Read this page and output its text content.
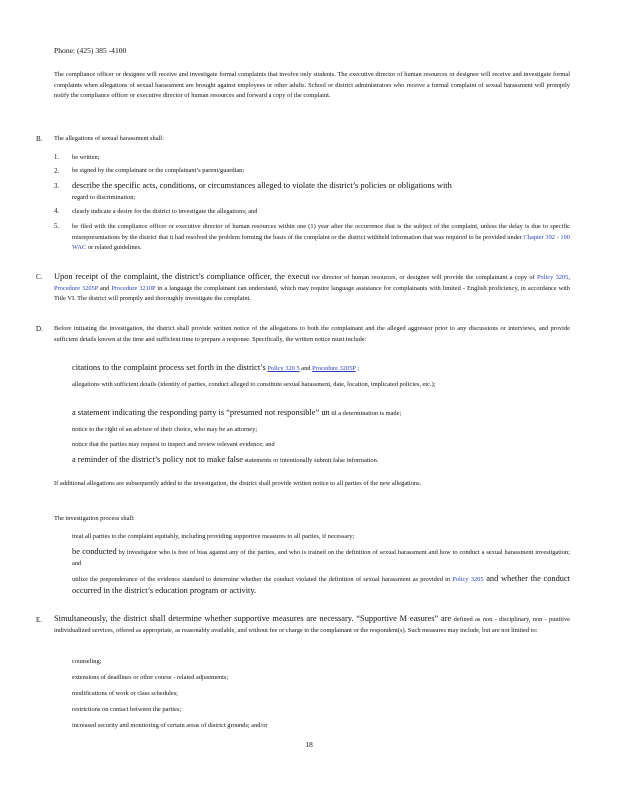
Phone: (425) 385 -4100
The compliance officer or designee will receive and investigate formal complaints that involve only students. The executive director of human resources or designee will receive and investigate formal complaints when allegations of sexual harassment are brought against employees or other adults. School or district administrators who receive a formal complaint of sexual harassment will promptly notify the compliance officer or executive director of human resources and forward a copy of the complaint.
B. The allegations of sexual harassment shall:
1. be written;
2. be signed by the complainant or the complainant’s parent/guardian;
3. describe the specific acts, conditions, or circumstances alleged to violate the district’s policies or obligations with
regard to discrimination;
4. clearly indicate a desire for the district to investigate the allegations; and
5. be filed with the compliance officer or executive director of human resources within one (1) year after the occurrence that is the subject of the complaint, unless the delay is due to specific misrepresentations by the district that it had resolved the problem forming the basis of the complaint or the district withheld information that was required to be provided under Chapter 392 - 190 WAC or related guidelines.
C. Upon receipt of the complaint, the district’s compliance officer, the execut ive director of human resources, or designee will provide the complainant a copy of Policy 3205, Procedure 3205P and Procedure 3210P in a language the complainant can understand, which may require language assistance for complainants with limited - English proficiency, in accordance with Title VI. The district will promptly and thoroughly investigate the complaint.
D. Before initiating the investigation, the district shall provide written notice of the allegations to both the complainant and the alleged aggressor prior to any discussions or interviews, and provide sufficient details known at the time and sufficient time to prepare a response. Specifically, the written notice must include:
citations to the complaint process set forth in the district’s Policy 320 5 and Procedure 3205P ;
allegations with sufficient details (identity of parties, conduct alleged to constitute sexual harassment, date, location, implicated policies, etc.);
a statement indicating the responding party is “presumed not responsible” un til a determination is made;
notice to the right of an advisor of their choice, who may be an attorney;
notice that the parties may request to inspect and review relevant evidence; and
a reminder of the district’s policy not to make false statements or intentionally submit false information.
If additional allegations are subsequently added to the investigation, the district shall provide written notice to all parties of the new allegations.
The investigation process shall:
treat all parties to the complaint equitably, including providing supportive measures to all parties, if necessary;
be conducted by investigator who is free of bias against any of the parties, and who is trained on the definition of sexual harassment and how to conduct a sexual harassment investigation; and
utilize the preponderance of the evidence standard to determine whether the conduct violated the definition of sexual harassment as provided in Policy 3205 and whether the conduct occurred in the district’s education program or activity.
E. Simultaneously, the district shall determine whether supportive measures are necessary. “Supportive M easures” are defined as non - disciplinary, non - punitive individualized services, offered as appropriate, as reasonably available, and without fee or charge to the complainant or the respondent(s). Such measures may include, but are not limited to:
counseling;
extensions of deadlines or other course - related adjustments;
modifications of work or class schedules;
restrictions on contact between the parties;
increased security and monitoring of certain areas of district grounds; and/or
18
